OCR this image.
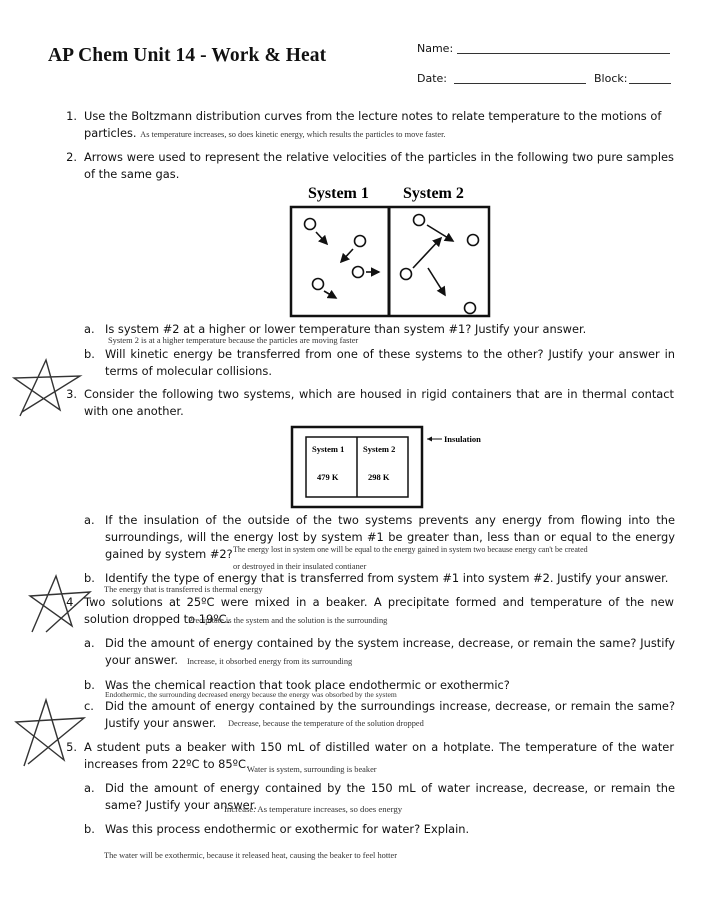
AP Chem Unit 14 - Work & Heat	Name:
Date:	Block:
1. Use the Boltzmann distribution curves from the lecture notes to relate temperature to the motions of particles. As temperature increases, so does kinetic energy, which results the particles to move faster.
2. Arrows were used to represent the relative velocities of the particles in the following two pure samples of the same gas.
System 1 System 2
a. Is system #2 at a higher or lower temperature than system #1? Justify your answer.
System 2 is at a higher temperature because the particles are moving faster
b. Will kinetic energy be transferred from one of these systems to the other? Justify your answer in terms of molecular collisions.
3. Consider the following two systems, which are housed in rigid containers that are in thermal contact with one another.
System 1 System 2
479 K	298 K
Insulation
a. If the insulation of the outside of the two systems prevents any energy from flowing into the surroundings, will the energy lost by system #1 be greater than, less than or equal to the energy gained by system #2? The energy lost in system one will be equal to the energy gained in system two because energy can't be created
or destroyed in their insulated contianer
b. Identify the type of energy that is transferred from system #1 into system #2. Justify your answer.
The energy that is transferred is thermal energy
4. Two solutions at 25ºC were mixed in a beaker. A precipitate formed and temperature of the new solution dropped to 19ºC.
Precipitate is the system and the solution is the surrounding
a. Did the amount of energy contained by the system increase, decrease, or remain the same? Justify your answer.	Increase, it obsorbed energy from its surrounding
b. Was the chemical reaction that took place endothermic or exothermic?
Endothermic, the surrounding decreased energy because the energy was obsorbed by the system
c. Did the amount of energy contained by the surroundings increase, decrease, or remain the same? Justify your answer.	Decrease, because the temperature of the solution dropped
5. A student puts a beaker with 150 mL of distilled water on a hotplate. The temperature of the water increases from 22ºC to 85ºC.
Water is system, surrounding is beaker
a. Did the amount of energy contained by the 150 mL of water increase, decrease, or remain the same? Justify your answer.
Increase. As temperature increases, so does energy
b. Was this process endothermic or exothermic for water? Explain.
The water will be exothermic, because it released heat, causing the beaker to feel hotter
